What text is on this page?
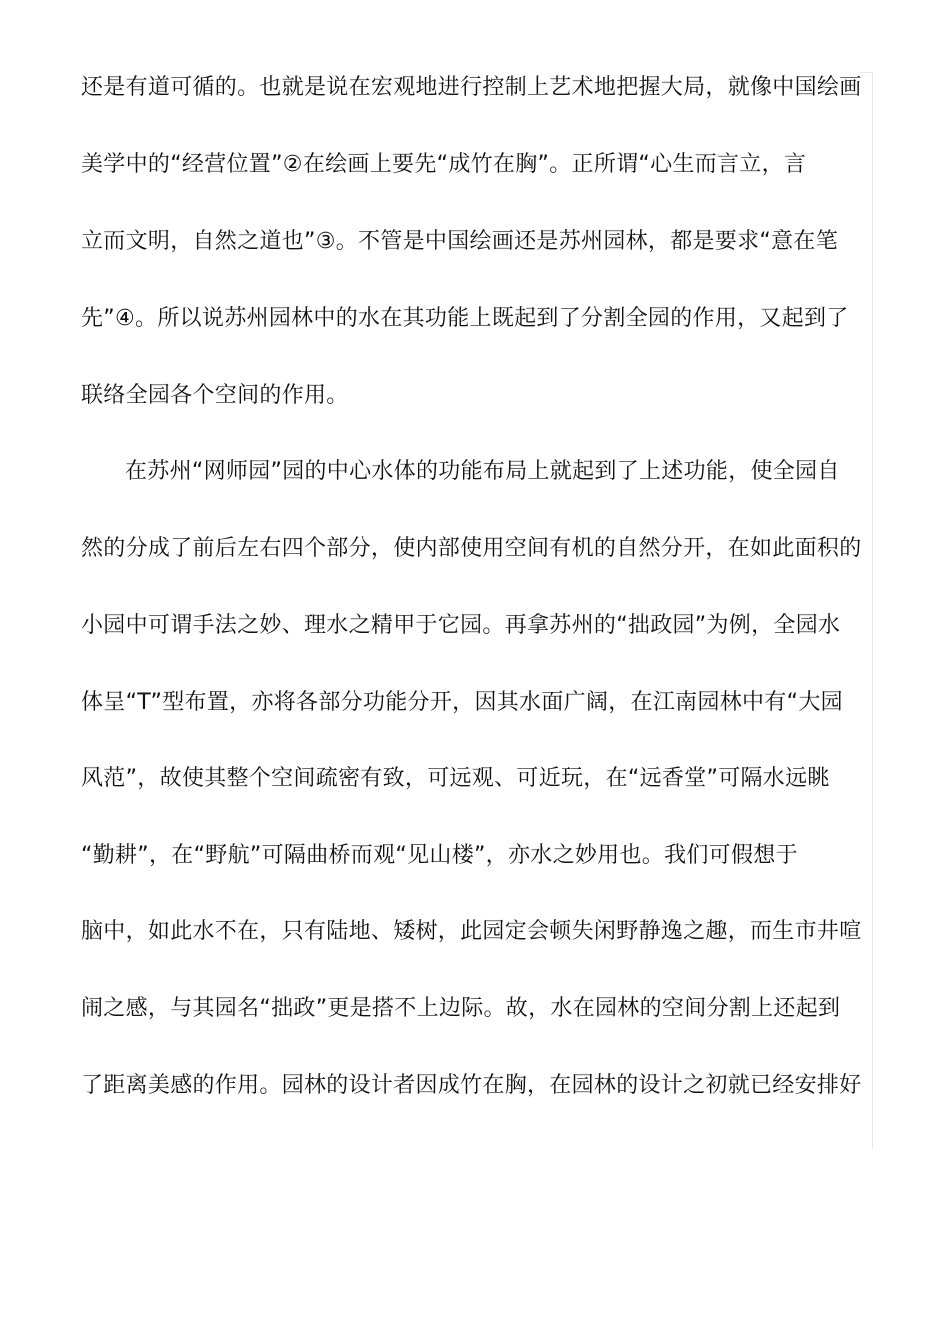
还是有道可循的。也就是说在宏观地进行控制上艺术地把握大局，就像中国绘画
美学中的“经营位置”②在绘画上要先“成竹在胸”。正所谓“心生而言立，言
立而文明，自然之道也”③。不管是中国绘画还是苏州园林，都是要求“意在笔
先”④。所以说苏州园林中的水在其功能上既起到了分割全园的作用，又起到了
联络全园各个空间的作用。
在苏州“网师园”园的中心水体的功能布局上就起到了上述功能，使全园自
然的分成了前后左右四个部分，使内部使用空间有机的自然分开，在如此面积的
小园中可谓手法之妙、理水之精甲于它园。再拿苏州的“拙政园”为例，全园水
体呈“T”型布置，亦将各部分功能分开，因其水面广阔，在江南园林中有“大园
风范”，故使其整个空间疏密有致，可远观、可近玩，在“远香堂”可隔水远眺
“勤耕”，在“野航”可隔曲桥而观“见山楼”，亦水之妙用也。我们可假想于
脑中，如此水不在，只有陆地、矮树，此园定会顿失闲野静逸之趣，而生市井喧
闹之感，与其园名“拙政”更是搭不上边际。故，水在园林的空间分割上还起到
了距离美感的作用。园林的设计者因成竹在胸，在园林的设计之初就已经安排好
